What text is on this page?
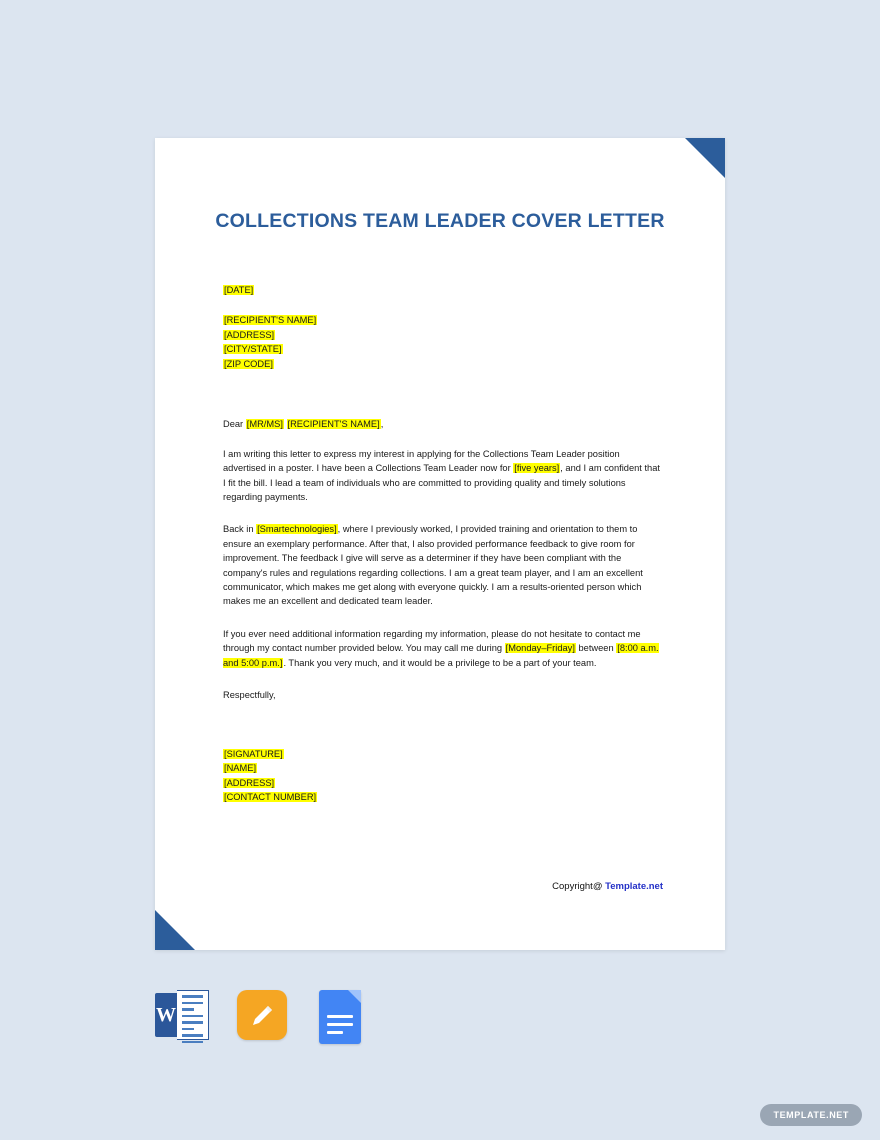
COLLECTIONS TEAM LEADER COVER LETTER
[DATE]
[RECIPIENT'S NAME]
[ADDRESS]
[CITY/STATE]
[ZIP CODE]
Dear [MR/MS] [RECIPIENT'S NAME],

I am writing this letter to express my interest in applying for the Collections Team Leader position advertised in a poster. I have been a Collections Team Leader now for [five years], and I am confident that I fit the bill. I lead a team of individuals who are committed to providing quality and timely solutions regarding payments.

Back in [Smartechnologies], where I previously worked, I provided training and orientation to them to ensure an exemplary performance. After that, I also provided performance feedback to give room for improvement. The feedback I give will serve as a determiner if they have been compliant with the company's rules and regulations regarding collections. I am a great team player, and I am an excellent communicator, which makes me get along with everyone quickly. I am a results-oriented person which makes me an excellent and dedicated team leader.

If you ever need additional information regarding my information, please do not hesitate to contact me through my contact number provided below. You may call me during [Monday–Friday] between [8:00 a.m. and 5:00 p.m.]. Thank you very much, and it would be a privilege to be a part of your team.

Respectfully,
[SIGNATURE]
[NAME]
[ADDRESS]
[CONTACT NUMBER]
Copyright@ Template.net
W
TEMPLATE.NET
